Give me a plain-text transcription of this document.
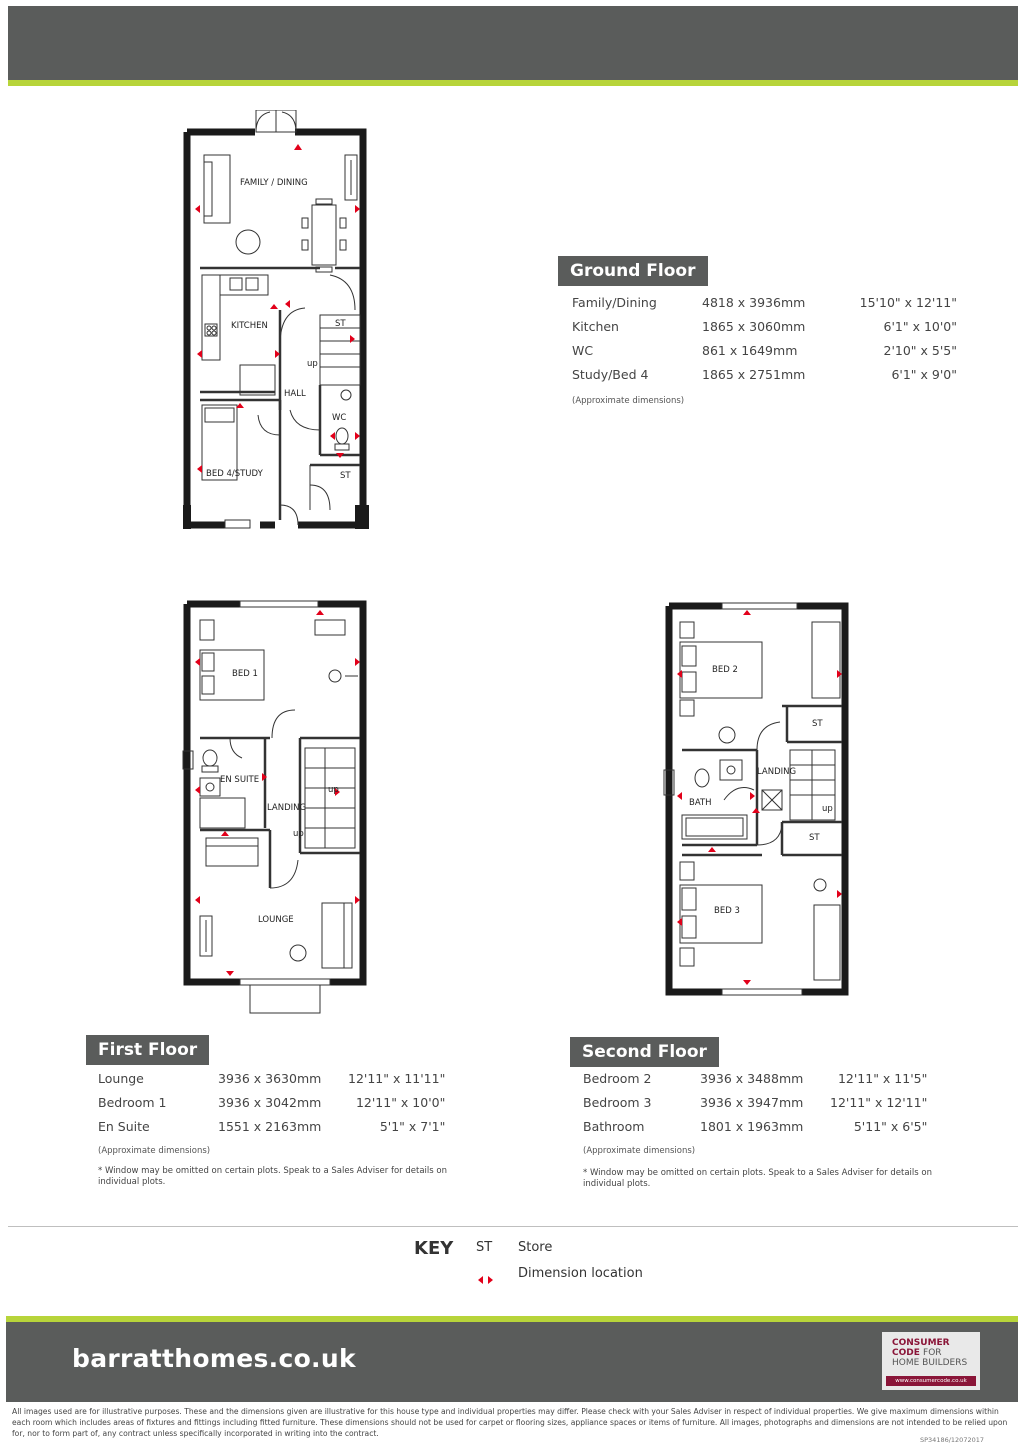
FAMILY / DINING
KITCHEN
HALL
ST
up
WC
ST
BED 4/STUDY
Ground Floor
Family/Dining	4818 x 3936mm	15'10" x 12'11"
Kitchen	1865 x 3060mm	6'1" x 10'0"
WC	861 x 1649mm	2'10" x 5'5"
Study/Bed 4	1865 x 2751mm	6'1" x 9'0"
(Approximate dimensions)
BED 1
EN SUITE
LANDING
up
up
LOUNGE
First Floor
Lounge	3936 x 3630mm	12'11" x 11'11"
Bedroom 1	3936 x 3042mm	12'11" x 10'0"
En Suite	1551 x 2163mm	5'1" x 7'1"
(Approximate dimensions)
* Window may be omitted on certain plots. Speak to a Sales Adviser for details on individual plots.
BED 2
ST
LANDING
BATH
up
ST
BED 3
Second Floor
Bedroom 2	3936 x 3488mm	12'11" x 11'5"
Bedroom 3	3936 x 3947mm	12'11" x 12'11"
Bathroom	1801 x 1963mm	5'11" x 6'5"
(Approximate dimensions)
* Window may be omitted on certain plots. Speak to a Sales Adviser for details on individual plots.
KEY ST Store

Dimension location
barratthomes.co.uk
CONSUMER
CODE FOR
HOME BUILDERS
www.consumercode.co.uk
All images used are for illustrative purposes. These and the dimensions given are illustrative for this house type and individual properties may differ. Please check with your Sales Adviser in respect of individual properties. We give maximum dimensions within each room which includes areas of fixtures and fittings including fitted furniture. These dimensions should not be used for carpet or flooring sizes, appliance spaces or items of furniture. All images, photographs and dimensions are not intended to be relied upon for, nor to form part of, any contract unless specifically incorporated in writing into the contract.
SP34186/12072017
